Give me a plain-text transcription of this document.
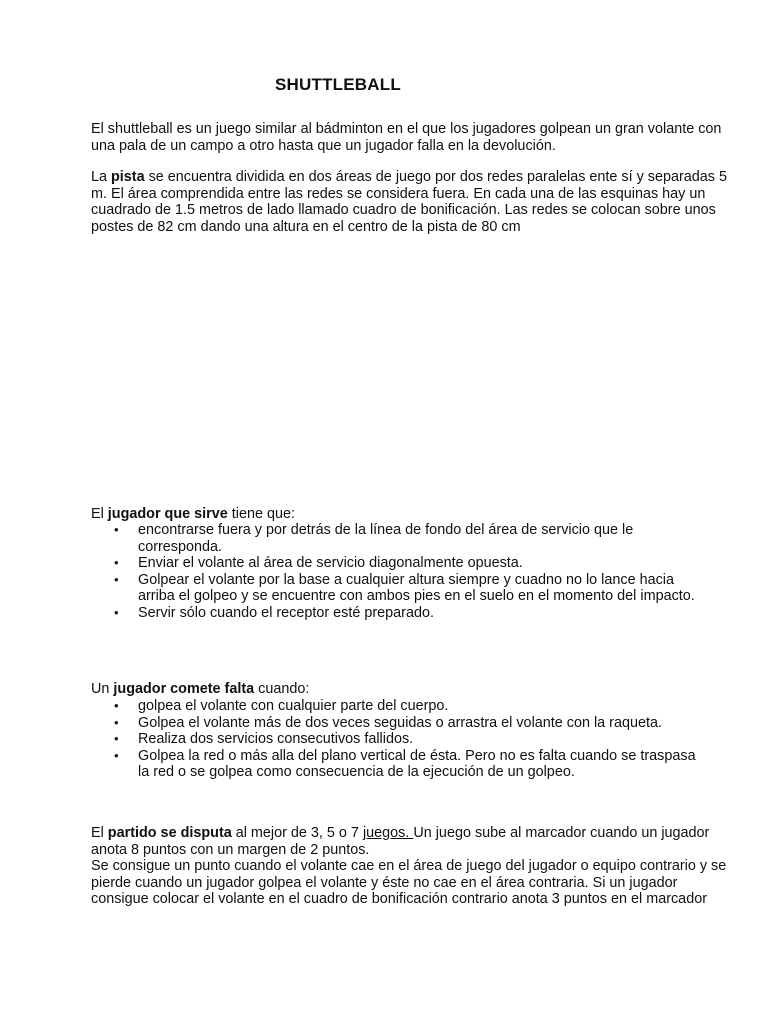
SHUTTLEBALL

El shuttleball es un juego similar al bádminton en el que los jugadores golpean un gran volante con una pala de un campo a otro hasta que un jugador falla en la devolución.

La pista se encuentra dividida en dos áreas de juego por dos redes paralelas ente sí y separadas 5 m. El área comprendida entre las redes se considera fuera. En cada una de las esquinas hay un cuadrado de 1.5 metros de lado llamado cuadro de bonificación. Las redes se colocan sobre unos postes de 82 cm dando una altura en el centro de la pista de 80 cm

El jugador que sirve tiene que:

• encontrarse fuera y por detrás de la línea de fondo del área de servicio que le corresponda.
• Enviar el volante al área de servicio diagonalmente opuesta.
• Golpear el volante por la base a cualquier altura siempre y cuadno no lo lance hacia arriba el golpeo y se encuentre con ambos pies en el suelo en el momento del impacto.
• Servir sólo cuando el receptor esté preparado.

Un jugador comete falta cuando:

• golpea el volante con cualquier parte del cuerpo.
• Golpea el volante más de dos veces seguidas o arrastra el volante con la raqueta.
• Realiza dos servicios consecutivos fallidos.
• Golpea la red o más alla del plano vertical de ésta. Pero no es falta cuando se traspasa la red o se golpea como consecuencia de la ejecución de un golpeo.

El partido se disputa al mejor de 3, 5 o 7 juegos. Un juego sube al marcador cuando un jugador anota 8 puntos con un margen de 2 puntos.
Se consigue un punto cuando el volante cae en el área de juego del jugador o equipo contrario y se pierde cuando un jugador golpea el volante y éste no cae en el área contraria. Si un jugador consigue colocar el volante en el cuadro de bonificación contrario anota 3 puntos en el marcador
